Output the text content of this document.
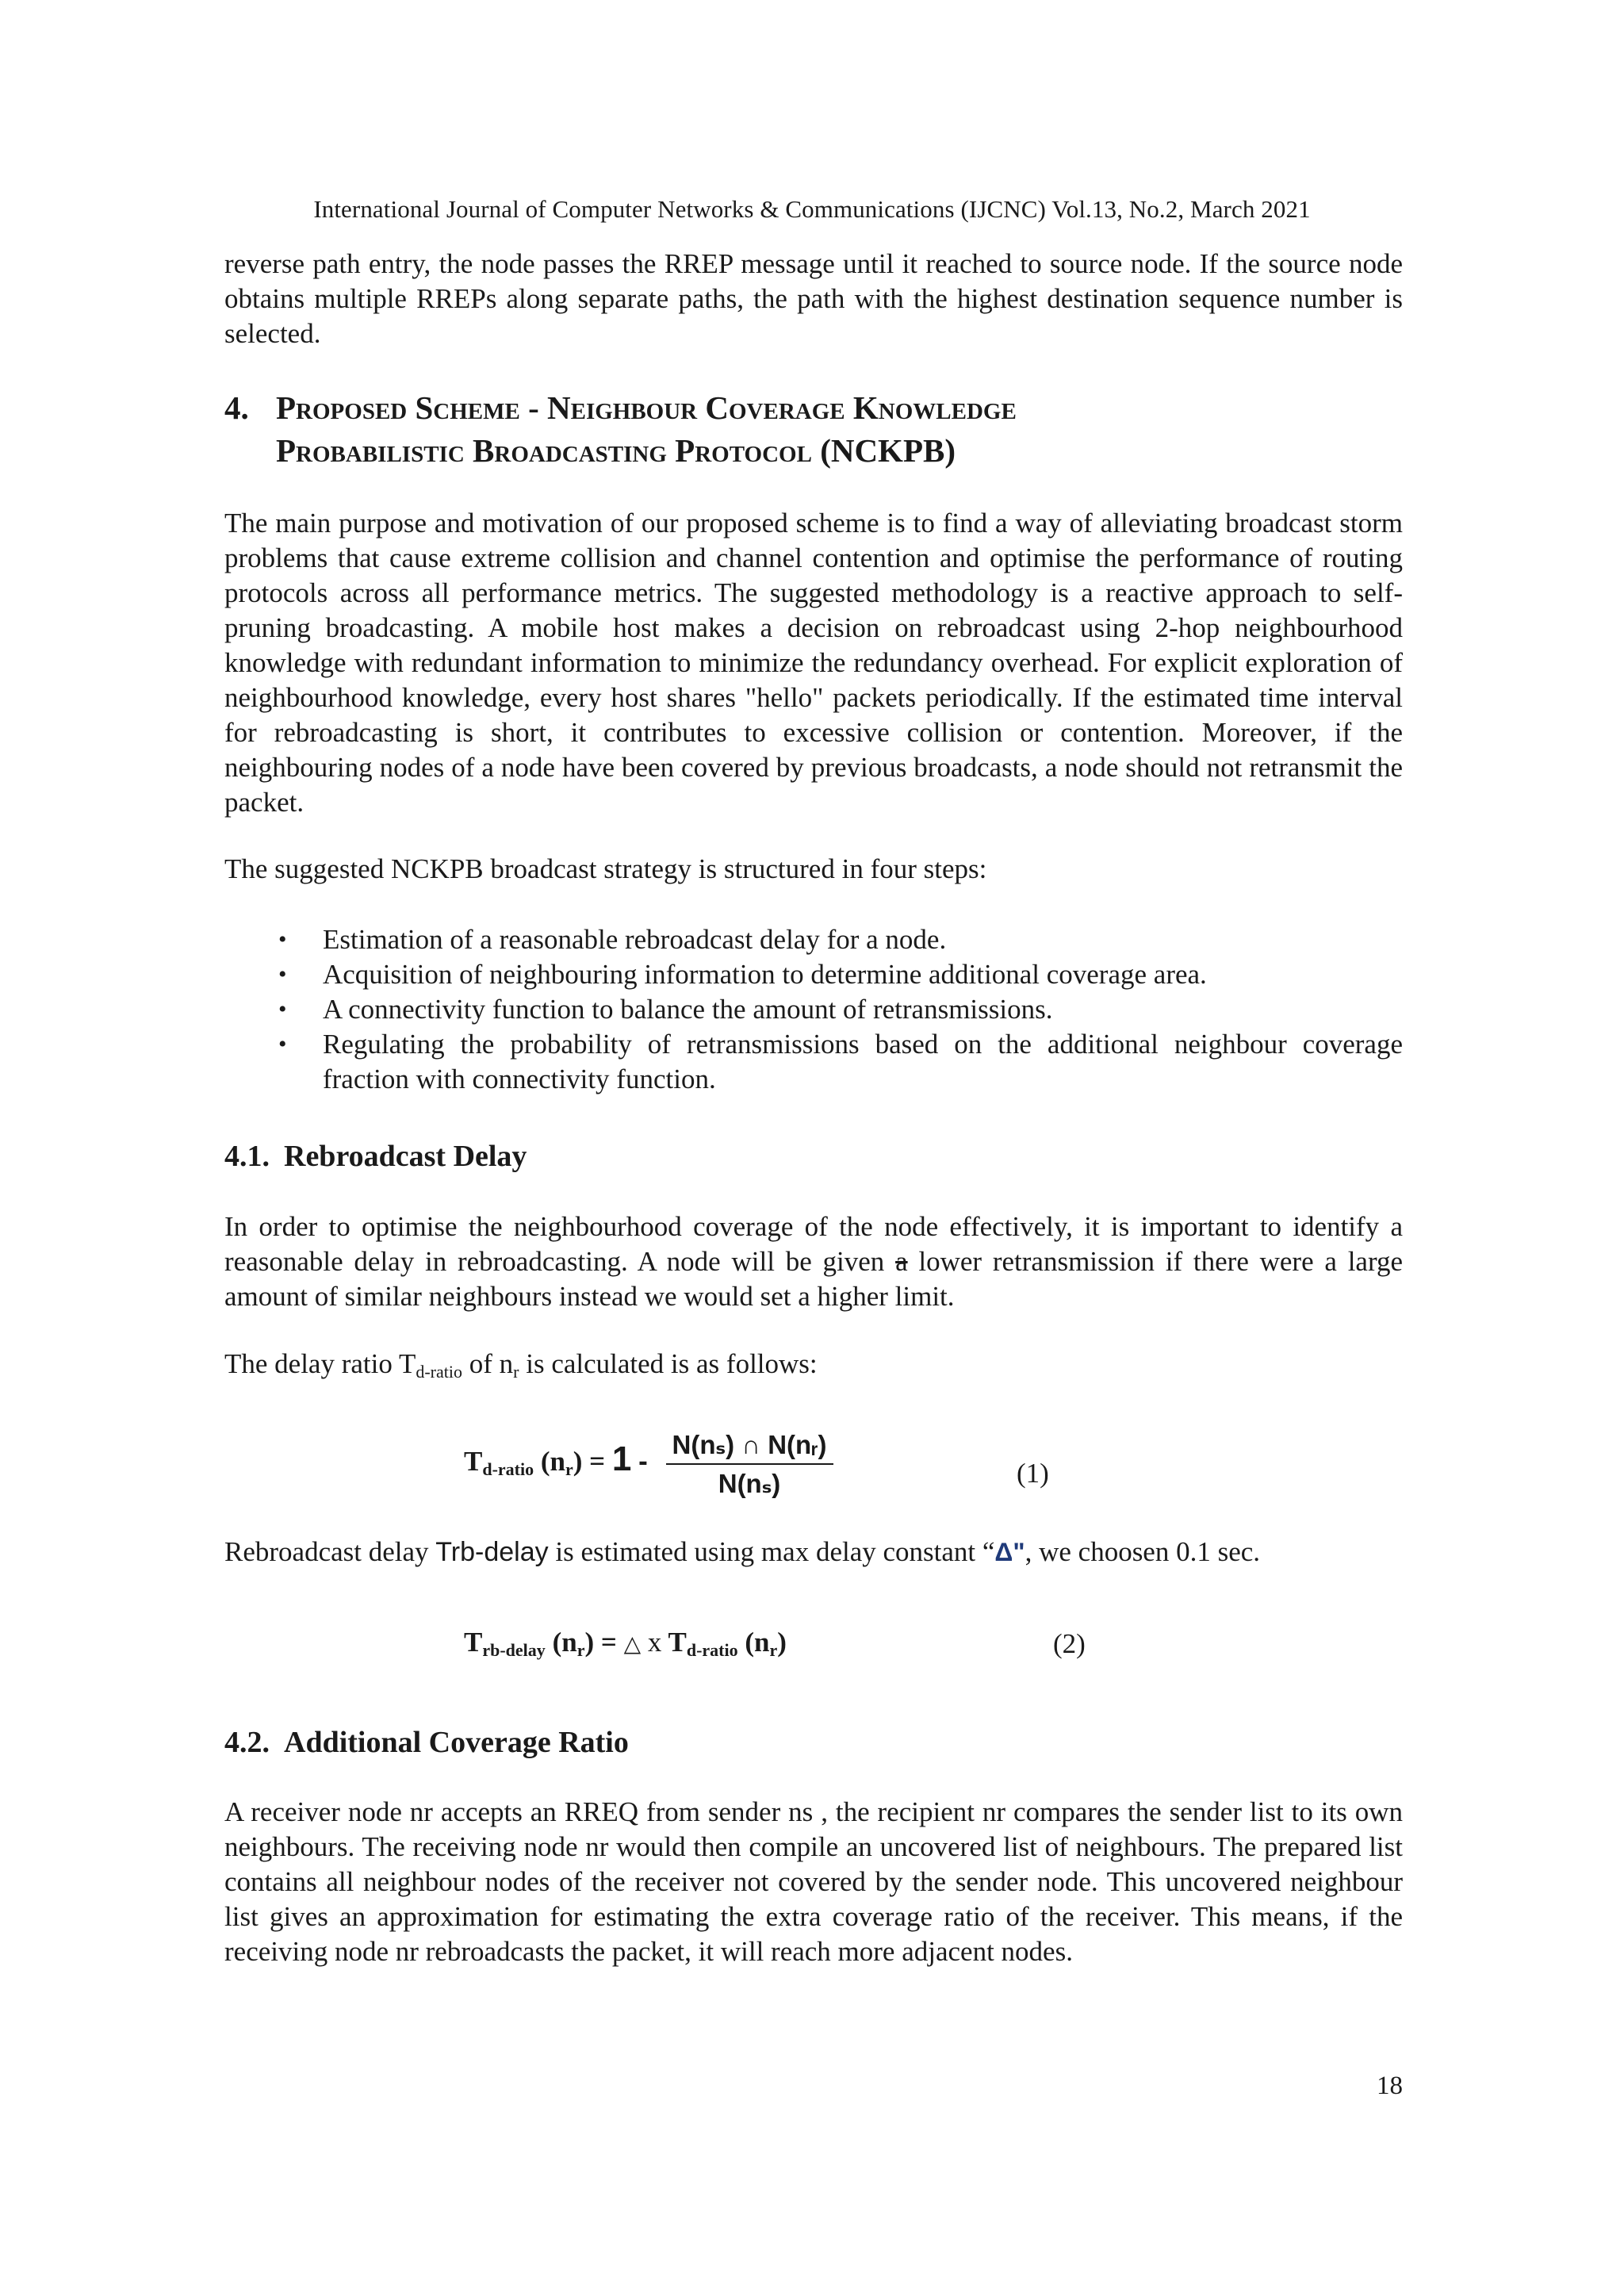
International Journal of Computer Networks & Communications (IJCNC) Vol.13, No.2, March 2021

reverse path entry, the node passes the RREP message until it reached to source node. If the source node obtains multiple RREPs along separate paths, the path with the highest destination sequence number is selected.

4. Proposed Scheme - Neighbour Coverage Knowledge
Probabilistic Broadcasting Protocol (NCKPB)

The main purpose and motivation of our proposed scheme is to find a way of alleviating broadcast storm problems that cause extreme collision and channel contention and optimise the performance of routing protocols across all performance metrics. The suggested methodology is a reactive approach to self-pruning broadcasting. A mobile host makes a decision on rebroadcast using 2-hop neighbourhood knowledge with redundant information to minimize the redundancy overhead. For explicit exploration of neighbourhood knowledge, every host shares "hello" packets periodically. If the estimated time interval for rebroadcasting is short, it contributes to excessive collision or contention. Moreover, if the neighbouring nodes of a node have been covered by previous broadcasts, a node should not retransmit the packet.

The suggested NCKPB broadcast strategy is structured in four steps:

• Estimation of a reasonable rebroadcast delay for a node.
• Acquisition of neighbouring information to determine additional coverage area.
• A connectivity function to balance the amount of retransmissions.
• Regulating the probability of retransmissions based on the additional neighbour coverage fraction with connectivity function.
4.1. Rebroadcast Delay

In order to optimise the neighbourhood coverage of the node effectively, it is important to identify a reasonable delay in rebroadcasting. A node will be given a lower retransmission if there were a large amount of similar neighbours instead we would set a higher limit.

The delay ratio $T_{d-ratio}$ of $n_r$ is calculated is as follows:

$T_{d-ratio}$ $(n_r) = 1 - \frac{\text{N(nₛ) ∩ N(nᵣ)}}{\text{N(nₛ)}}$	(1)

Rebroadcast delay Trb-delay is estimated using max delay constant “Δ", we choosen 0.1 sec.

$T_{rb-delay}$ $(n_r)$ = △ x $T_{d-ratio}$ $(n_r)$	(2)
4.2. Additional Coverage Ratio

A receiver node nr accepts an RREQ from sender ns , the recipient nr compares the sender list to its own neighbours. The receiving node nr would then compile an uncovered list of neighbours. The prepared list contains all neighbour nodes of the receiver not covered by the sender node. This uncovered neighbour list gives an approximation for estimating the extra coverage ratio of the receiver. This means, if the receiving node nr rebroadcasts the packet, it will reach more adjacent nodes.

18
